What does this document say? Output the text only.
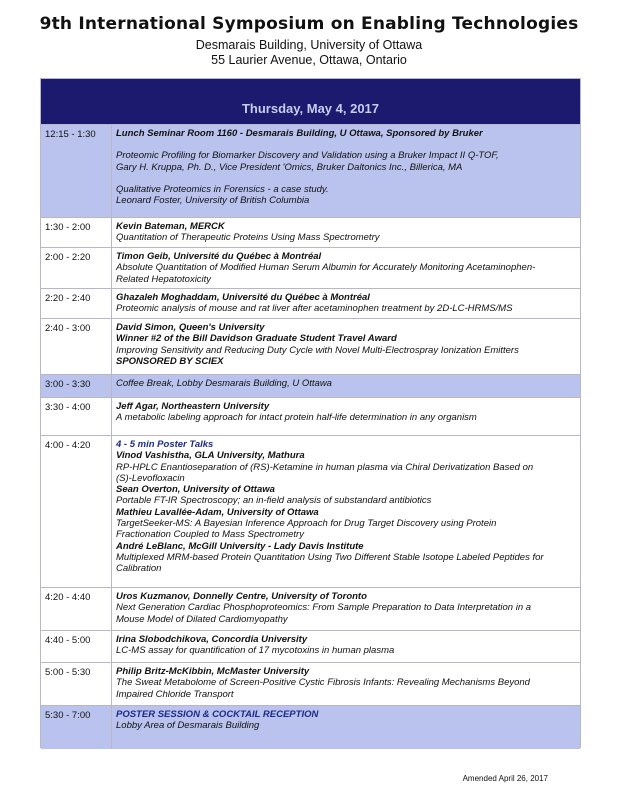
9th International Symposium on Enabling Technologies
Desmarais Building, University of Ottawa
55 Laurier Avenue, Ottawa, Ontario
Thursday, May 4, 2017
12:15 - 1:30 Lunch Seminar Room 1160 - Desmarais Building, U Ottawa, Sponsored by Bruker
Proteomic Profiling for Biomarker Discovery and Validation using a Bruker Impact II Q-TOF,
Gary H. Kruppa, Ph. D., Vice President 'Omics, Bruker Daltonics Inc., Billerica, MA
Qualitative Proteomics in Forensics - a case study.
Leonard Foster, University of British Columbia
1:30 - 2:00	Kevin Bateman, MERCK
Quantitation of Therapeutic Proteins Using Mass Spectrometry
2:00 - 2:20	Timon Geib, Université du Québec à Montréal
Absolute Quantitation of Modified Human Serum Albumin for Accurately Monitoring Acetaminophen-
Related Hepatotoxicity
2:20 - 2:40	Ghazaleh Moghaddam, Université du Québec à Montréal
Proteomic analysis of mouse and rat liver after acetaminophen treatment by 2D-LC-HRMS/MS
2:40 - 3:00	David Simon, Queen's University
Winner #2 of the Bill Davidson Graduate Student Travel Award
Improving Sensitivity and Reducing Duty Cycle with Novel Multi-Electrospray Ionization Emitters
SPONSORED BY SCIEX
3:00 - 3:30	Coffee Break, Lobby Desmarais Building, U Ottawa
3:30 - 4:00	Jeff Agar, Northeastern University
A metabolic labeling approach for intact protein half-life determination in any organism
4:00 - 4:20	4 - 5 min Poster Talks
Vinod Vashistha, GLA University, Mathura
RP-HPLC Enantioseparation of (RS)-Ketamine in human plasma via Chiral Derivatization Based on
(S)-Levofloxacin
Sean Overton, University of Ottawa
Portable FT-IR Spectroscopy; an in-field analysis of substandard antibiotics
Mathieu Lavallée-Adam, University of Ottawa
TargetSeeker-MS: A Bayesian Inference Approach for Drug Target Discovery using Protein
Fractionation Coupled to Mass Spectrometry
André LeBlanc, McGill University - Lady Davis Institute
Multiplexed MRM-based Protein Quantitation Using Two Different Stable Isotope Labeled Peptides for
Calibration
4:20 - 4:40	Uros Kuzmanov, Donnelly Centre, University of Toronto
Next Generation Cardiac Phosphoproteomics: From Sample Preparation to Data Interpretation in a
Mouse Model of Dilated Cardiomyopathy
4:40 - 5:00	Irina Slobodchikova, Concordia University
LC-MS assay for quantification of 17 mycotoxins in human plasma
5:00 - 5:30	Philip Britz-McKibbin, McMaster University
The Sweat Metabolome of Screen-Positive Cystic Fibrosis Infants: Revealing Mechanisms Beyond
Impaired Chloride Transport
5:30 - 7:00	POSTER SESSION & COCKTAIL RECEPTION
Lobby Area of Desmarais Building
Amended April 26, 2017
